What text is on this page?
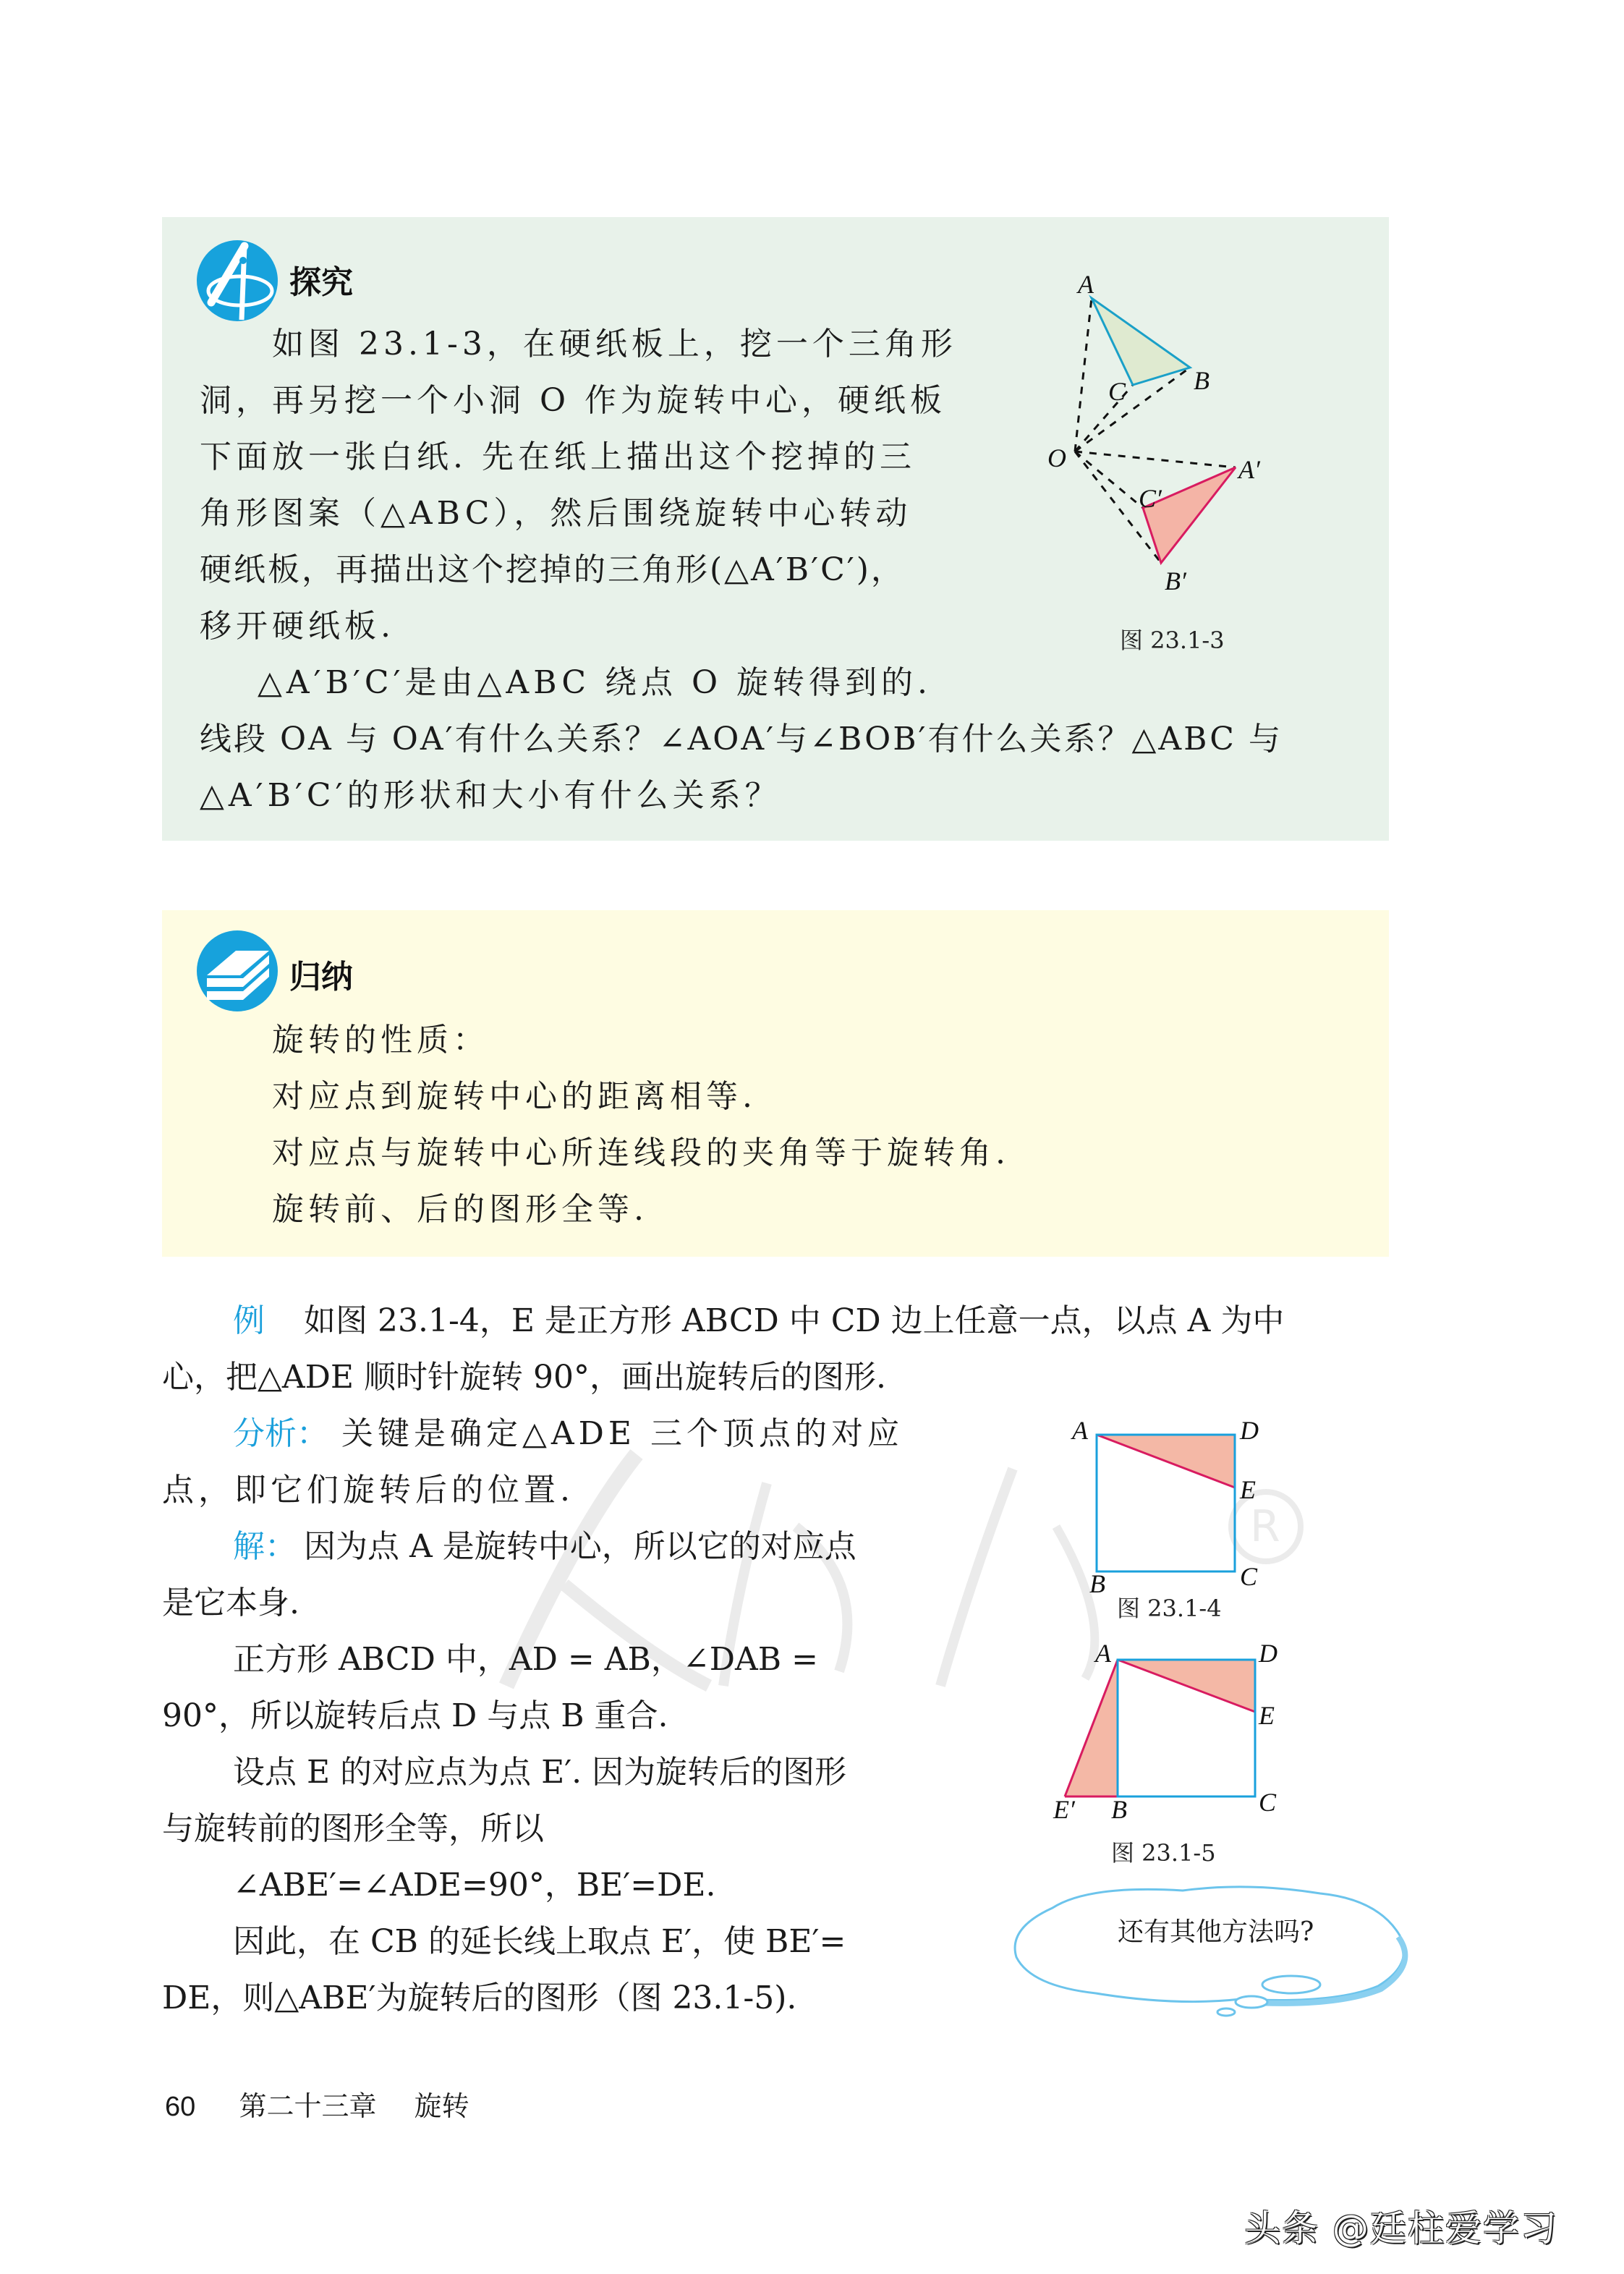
探究
如图 23.1-3，在硬纸板上，挖一个三角形
洞，再另挖一个小洞 O 作为旋转中心，硬纸板
下面放一张白纸. 先在纸上描出这个挖掉的三
角形图案（△ABC），然后围绕旋转中心转动
硬纸板，再描出这个挖掉的三角形(△A′B′C′)，
移开硬纸板.
△A′B′C′是由△ABC 绕点 O 旋转得到的.
线段 OA 与 OA′有什么关系？∠AOA′与∠BOB′有什么关系？△ABC 与
△A′B′C′的形状和大小有什么关系？
A
B
C
O	A′
C′
B′
图 23.1-3
归纳
旋转的性质：
对应点到旋转中心的距离相等.
对应点与旋转中心所连线段的夹角等于旋转角.
旋转前、后的图形全等.
R
例 如图 23.1-4，E 是正方形 ABCD 中 CD 边上任意一点，以点 A 为中
心，把△ADE 顺时针旋转 90°，画出旋转后的图形.
分析： 关键是确定△ADE 三个顶点的对应
点，即它们旋转后的位置.
解： 因为点 A 是旋转中心，所以它的对应点
是它本身.
正方形 ABCD 中，AD = AB，∠DAB =
90°，所以旋转后点 D 与点 B 重合.
设点 E 的对应点为点 E′. 因为旋转后的图形
与旋转前的图形全等，所以
∠ABE′=∠ADE=90°，BE′=DE.
因此，在 CB 的延长线上取点 E′，使 BE′=
DE，则△ABE′为旋转后的图形（图 23.1-5).
A	D
E
B	C
图 23.1-4
A	D
E
E′ B	C
图 23.1-5
还有其他方法吗?
60 第二十三章 旋转
头条 @廷柱爱学习
